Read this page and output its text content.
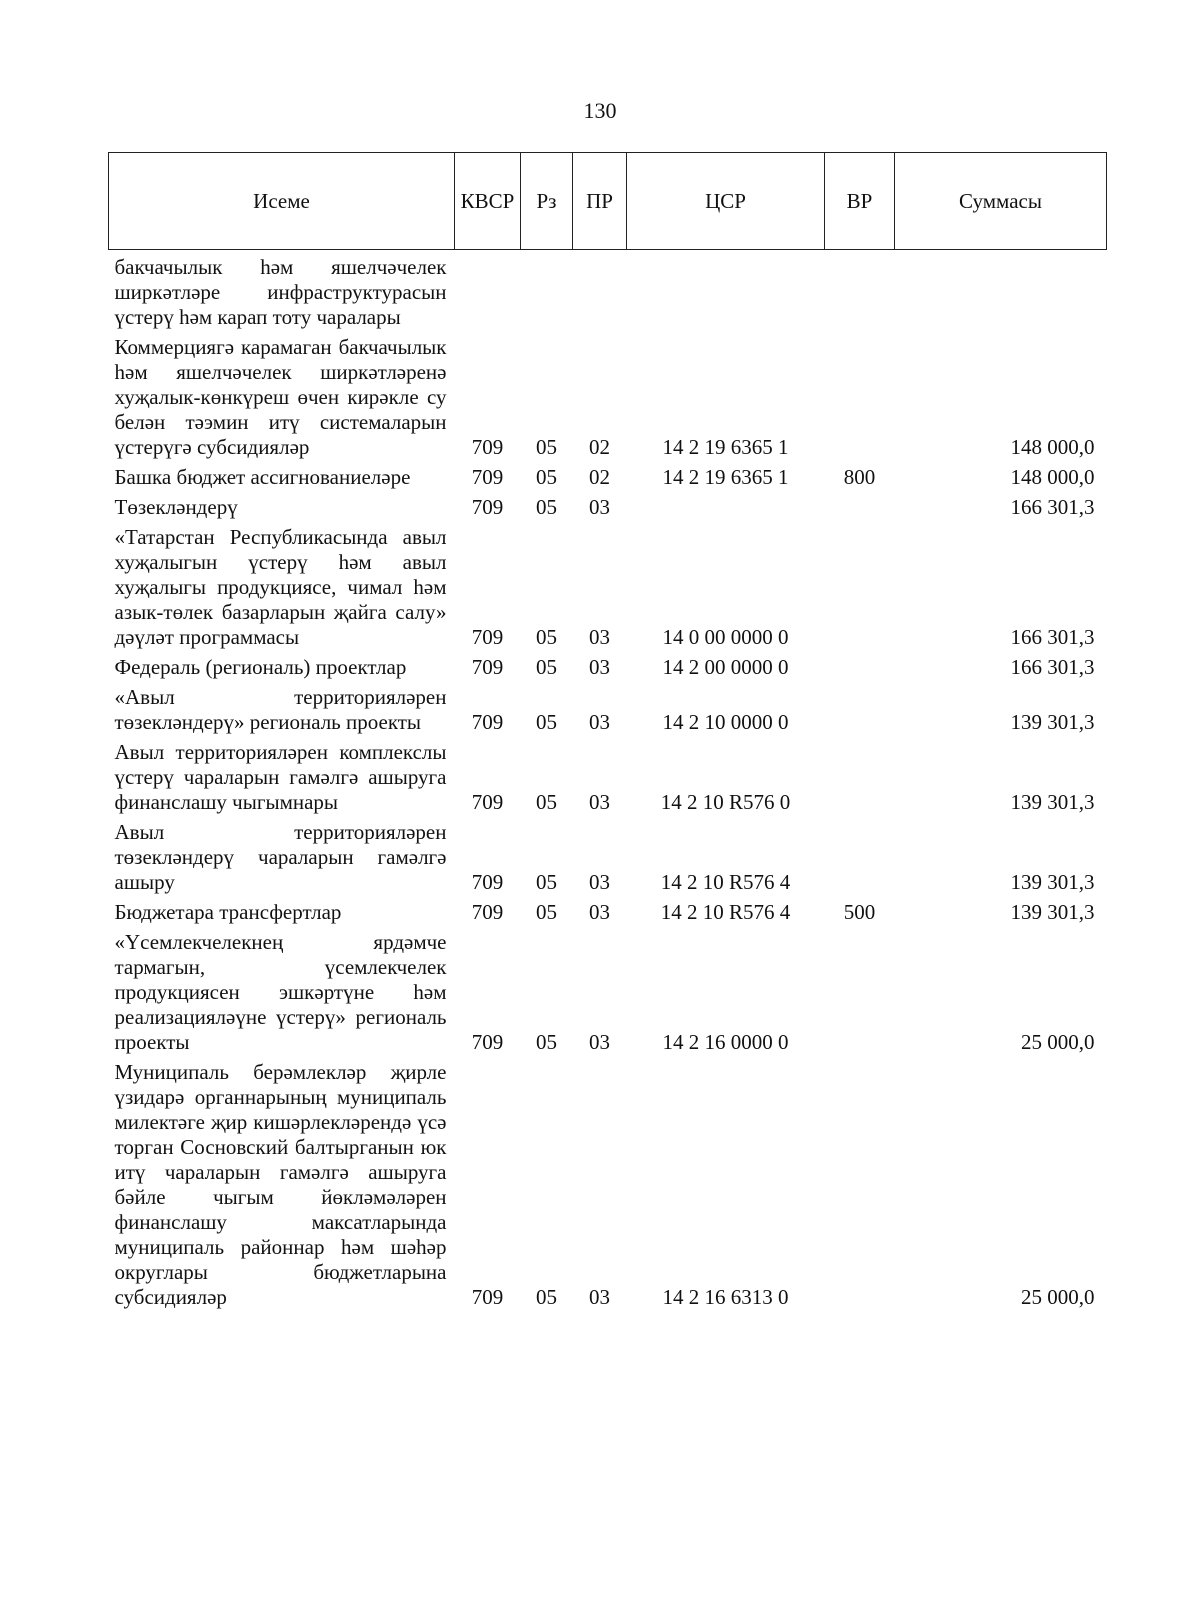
130
Исеме	КВСР	Рз	ПР	ЦСР	ВР	Суммасы
бакчачылык һәм яшелчәчелек ширкәтләре инфраструктурасын үстерү һәм карап тоту чаралары						
Коммерциягә карамаган бакчачылык һәм яшелчәчелек ширкәтләренә хуҗалык-көнкүреш өчен кирәкле су белән тәэмин итү системаларын үстерүгә субсидияләр	709	05	02	14 2 19 6365 1		148 000,0
Башка бюджет ассигнованиеләре	709	05	02	14 2 19 6365 1	800	148 000,0
Төзекләндерү	709	05	03			166 301,3
«Татарстан Республикасында авыл хуҗалыгын үстерү һәм авыл хуҗалыгы продукциясе, чимал һәм азык-төлек базарларын җайга салу» дәүләт программасы	709	05	03	14 0 00 0000 0		166 301,3
Федераль (региональ) проектлар	709	05	03	14 2 00 0000 0		166 301,3
«Авыл территорияләрен төзекләндерү» региональ проекты	709	05	03	14 2 10 0000 0		139 301,3
Авыл территорияләрен комплекслы үстерү чараларын гамәлгә ашыруга финанслашу чыгымнары	709	05	03	14 2 10 R576 0		139 301,3
Авыл территорияләрен төзекләндерү чараларын гамәлгә ашыру	709	05	03	14 2 10 R576 4		139 301,3
Бюджетара трансфертлар	709	05	03	14 2 10 R576 4	500	139 301,3
«Үсемлекчелекнең ярдәмче тармагын, үсемлекчелек продукциясен эшкәртүне һәм реализацияләүне үстерү» региональ проекты	709	05	03	14 2 16 0000 0		25 000,0
Муниципаль берәмлекләр җирле үзидарә органнарының муниципаль милектәге җир кишәрлекләрендә үсә торган Сосновский балтырганын юк итү чараларын гамәлгә ашыруга бәйле чыгым йөкләмәләрен финанслашу максатларында муниципаль районнар һәм шәһәр округлары бюджетларына субсидияләр	709	05	03	14 2 16 6313 0		25 000,0
